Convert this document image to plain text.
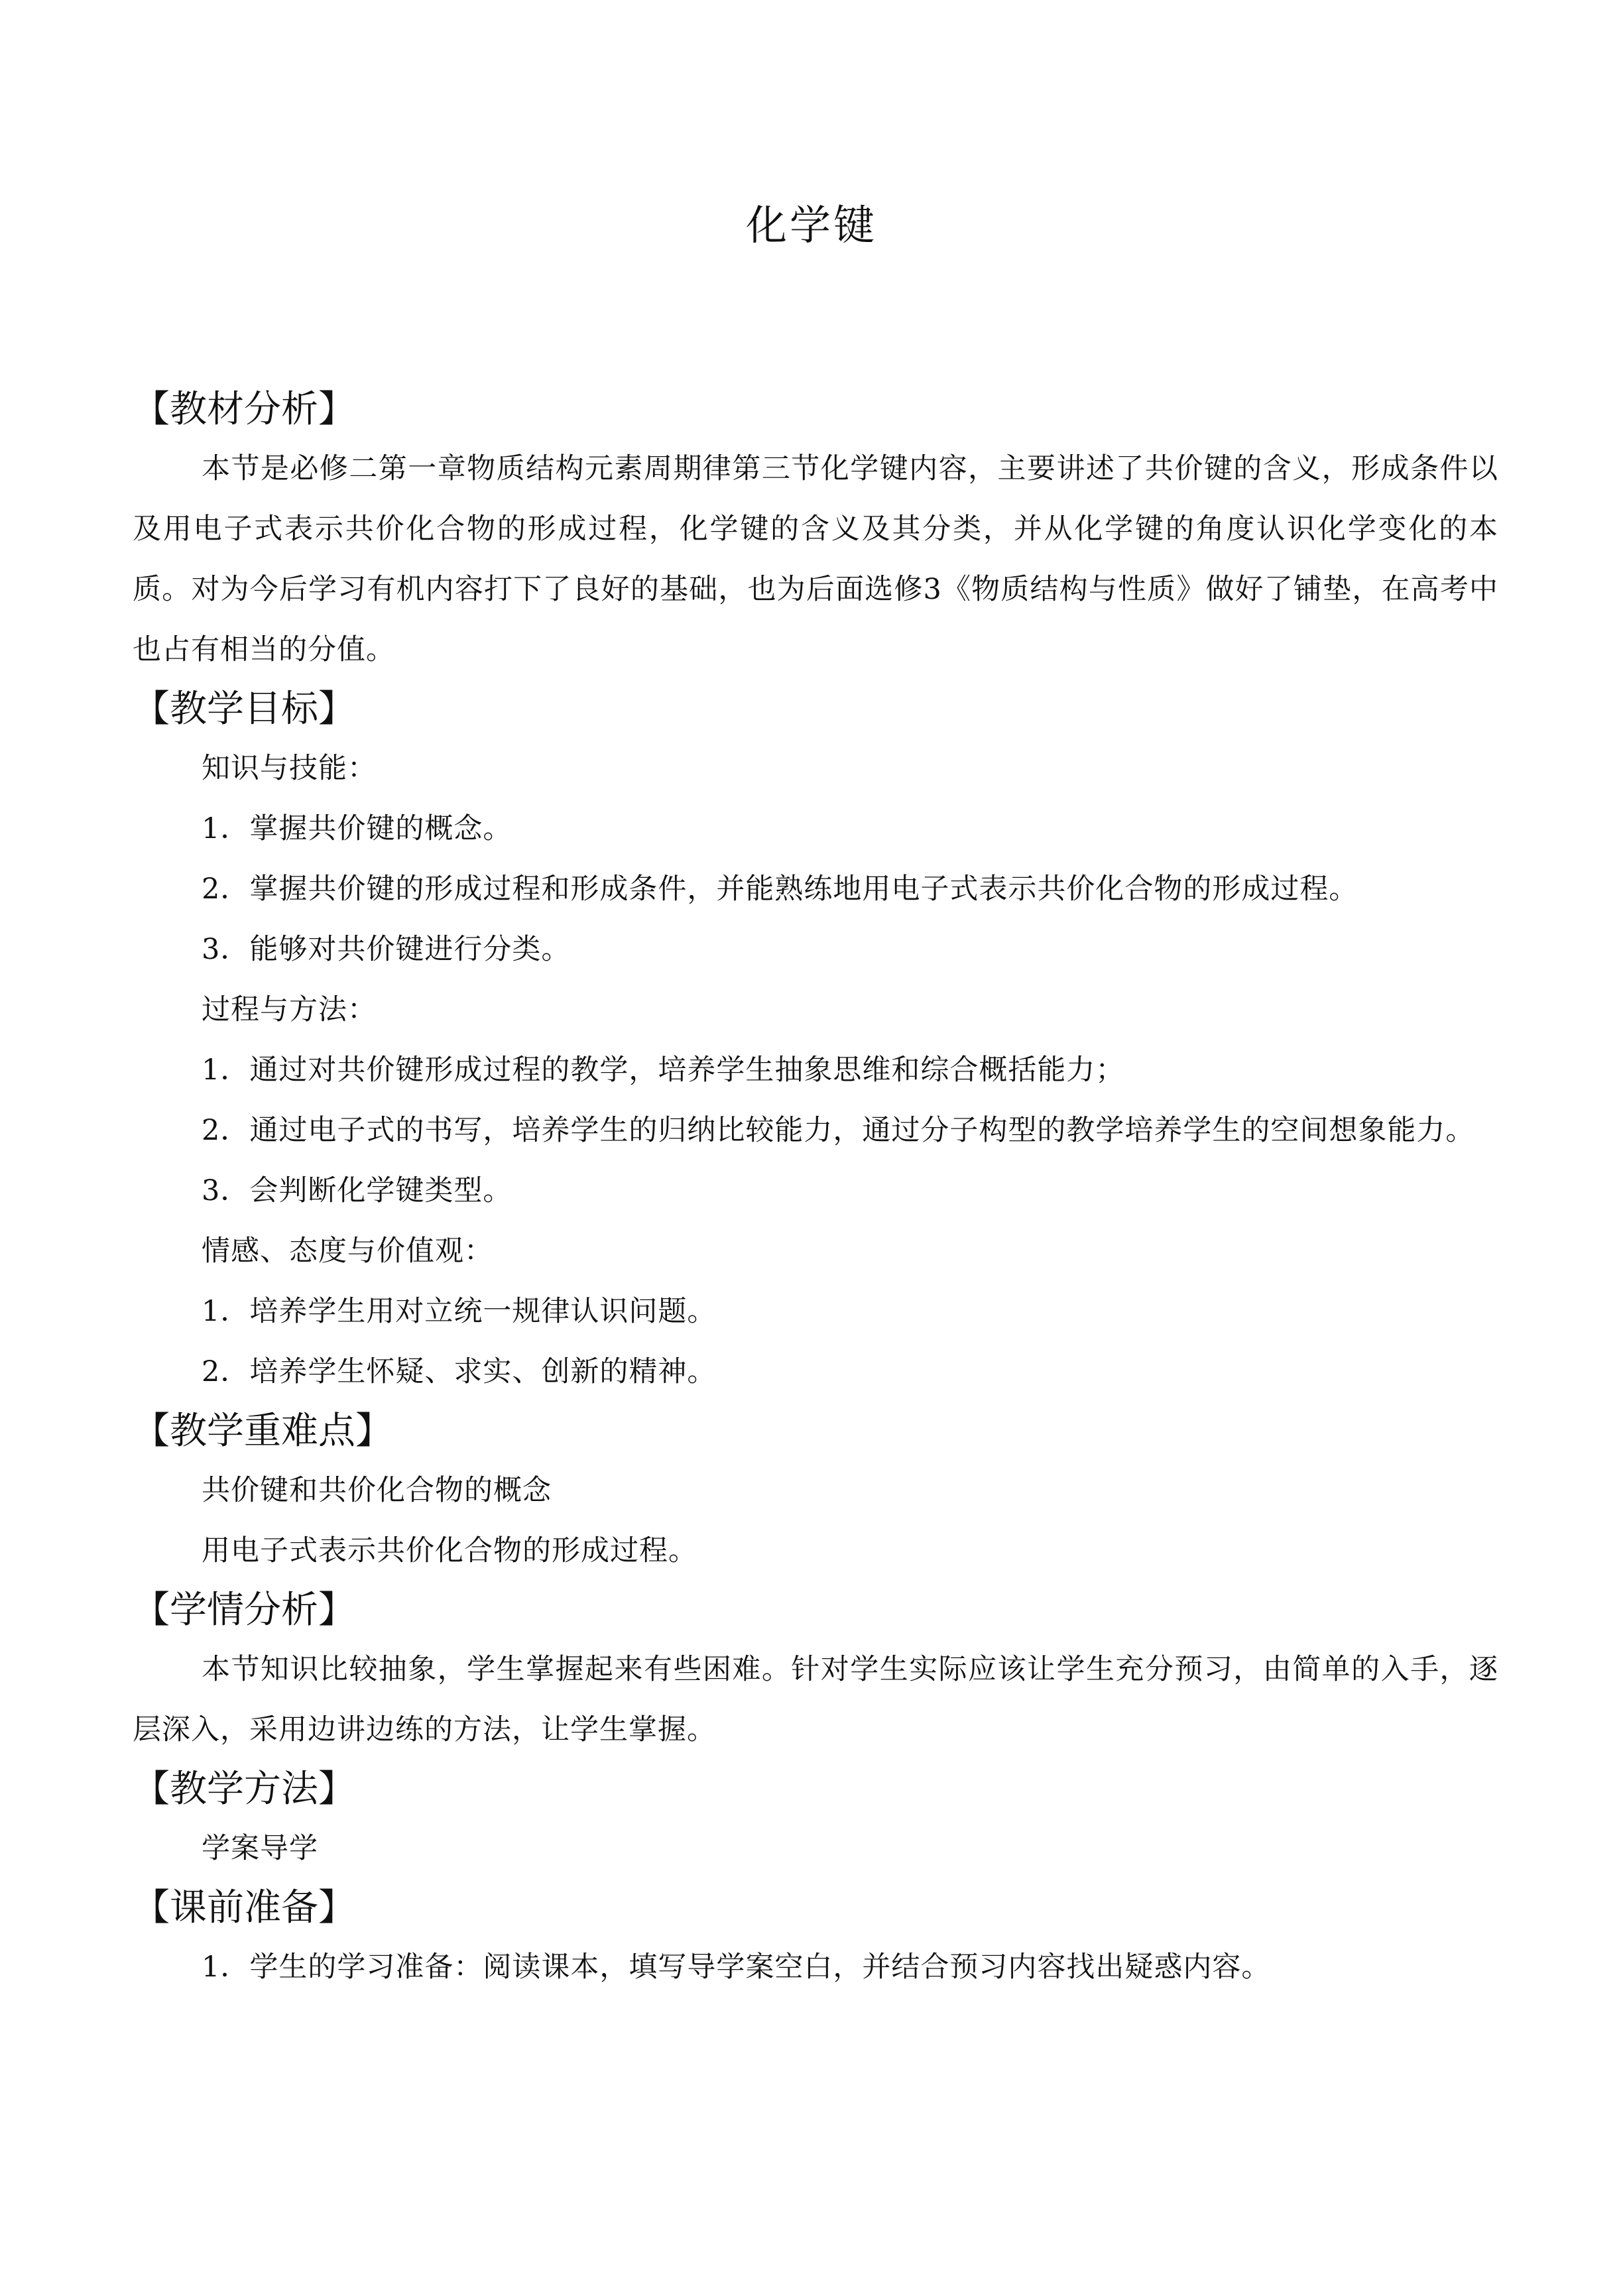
化学键
【教材分析】
本节是必修二第一章物质结构元素周期律第三节化学键内容，主要讲述了共价键的含义，形成条件以及用电子式表示共价化合物的形成过程，化学键的含义及其分类，并从化学键的角度认识化学变化的本质。对为今后学习有机内容打下了良好的基础，也为后面选修3《物质结构与性质》做好了铺垫，在高考中也占有相当的分值。
【教学目标】
知识与技能：
1．掌握共价键的概念。
2．掌握共价键的形成过程和形成条件，并能熟练地用电子式表示共价化合物的形成过程。
3．能够对共价键进行分类。
过程与方法：
1．通过对共价键形成过程的教学，培养学生抽象思维和综合概括能力；
2．通过电子式的书写，培养学生的归纳比较能力，通过分子构型的教学培养学生的空间想象能力。
3．会判断化学键类型。
情感、态度与价值观：
1．培养学生用对立统一规律认识问题。
2．培养学生怀疑、求实、创新的精神。
【教学重难点】
共价键和共价化合物的概念
用电子式表示共价化合物的形成过程。
【学情分析】
本节知识比较抽象，学生掌握起来有些困难。针对学生实际应该让学生充分预习，由简单的入手，逐层深入，采用边讲边练的方法，让学生掌握。
【教学方法】
学案导学
【课前准备】
1．学生的学习准备：阅读课本，填写导学案空白，并结合预习内容找出疑惑内容。
